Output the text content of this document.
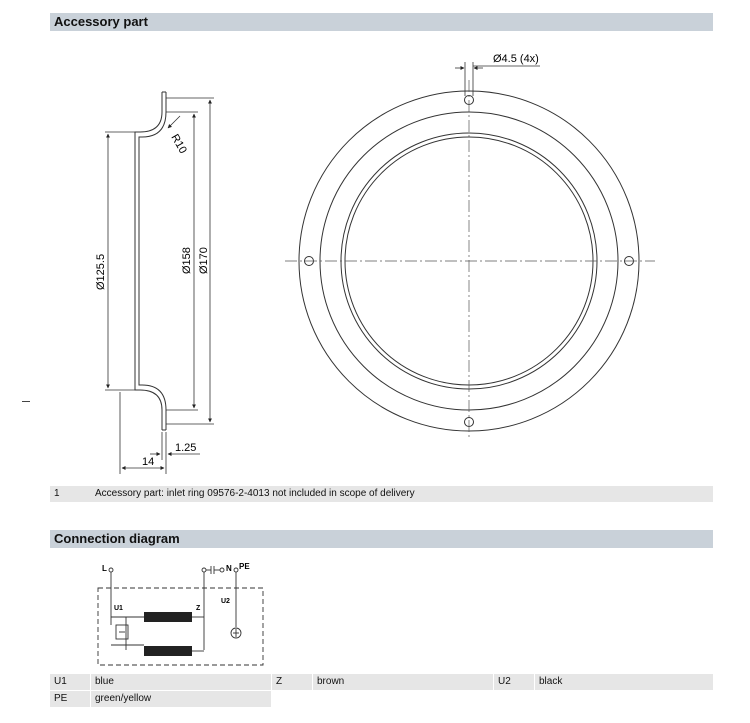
Accessory part
R10
Ø125.5	Ø158 Ø170
14
1.25
Ø4.5 (4x)
1	Accessory part: inlet ring 09576-2-4013 not included in scope of delivery
Connection diagram
L	N PE
U1	Z
U2
U1	blue	Z	brown	U2	black
PE	green/yellow
